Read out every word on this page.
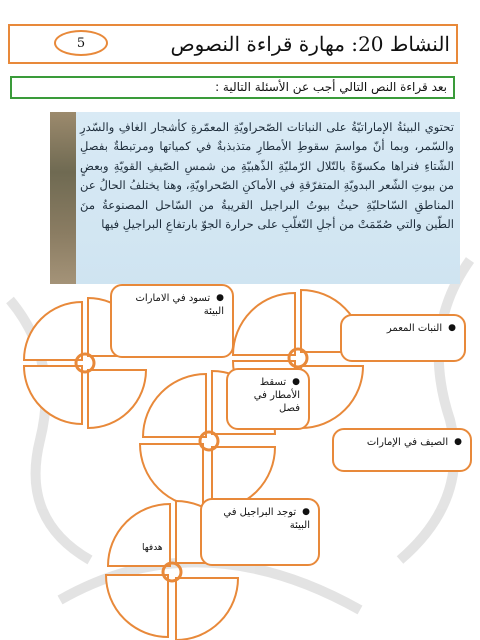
5	النشاط 20: مهارة قراءة النصوص
بعد قراءة النص التالي أجب عن الأسئلة التالية :
تحتوي البيئةُ الإماراتيّةُ على النباتات الصّحراويّةِ المعمّرةِ كأشجار الغافِ والسّدرِ والسّمر، وبما أنّ مواسمَ سقوطِ الأمطارِ متذبذبةٌ في كمياتها ومرتبطةٌ بفصلِ الشّتاءِ فنراها مكسوّةً بالتّلال الرّمليّةِ الذّهبيّةِ من شمسِ الصّيفِ القويّةِ وبعضٍ من بيوتِ الشّعر البدويّةِ المتفرّقةِ في الأماكنِ الصّحراويّةِ، وهنا يختلفُ الحالُ عن المناطقِ السّاحليّةِ حيثُ بيوتُ البراجيل القريبةُ من السّاحل المصنوعةُ منَ الطّين والتي صُمّمَتْ من أجلِ التّغلّبِ على حرارة الجوّ بارتفاعِ البراجيلِ فيها
●
النبات المعمر
●
تسود في الامارات البيئة
●
تسقط الأمطار في فصل
●
الصيف في الإمارات
●
توجد البراجيل في البيئة
هدفها
